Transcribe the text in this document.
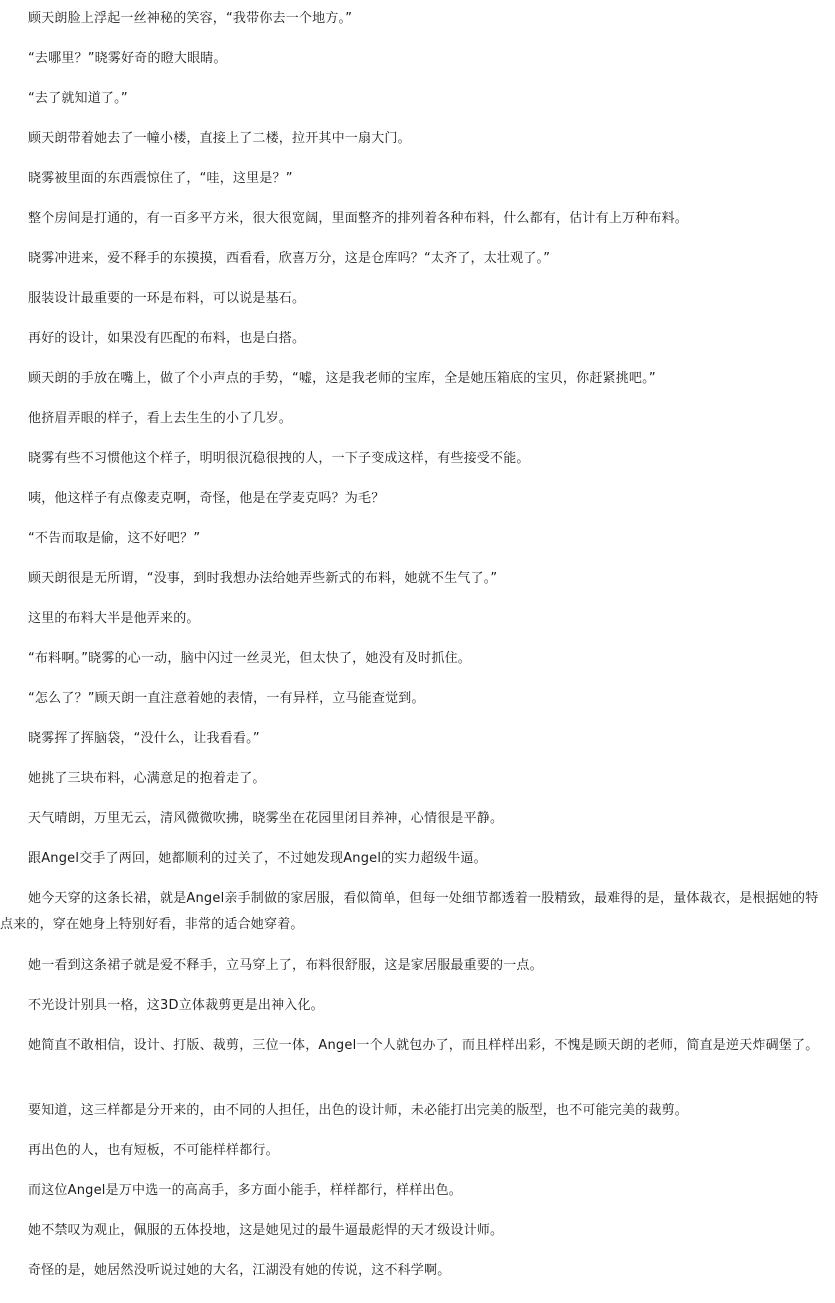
顾天朗脸上浮起一丝神秘的笑容，“我带你去一个地方。”

“去哪里？”晓雾好奇的瞪大眼睛。

“去了就知道了。”

顾天朗带着她去了一幢小楼，直接上了二楼，拉开其中一扇大门。

晓雾被里面的东西震惊住了，“哇，这里是？”

整个房间是打通的，有一百多平方米，很大很宽阔，里面整齐的排列着各种布料，什么都有，估计有上万种布料。

晓雾冲进来，爱不释手的东摸摸，西看看，欣喜万分，这是仓库吗？“太齐了，太壮观了。”

服装设计最重要的一环是布料，可以说是基石。

再好的设计，如果没有匹配的布料，也是白搭。

顾天朗的手放在嘴上，做了个小声点的手势，“嘘，这是我老师的宝库，全是她压箱底的宝贝，你赶紧挑吧。”

他挤眉弄眼的样子，看上去生生的小了几岁。

晓雾有些不习惯他这个样子，明明很沉稳很拽的人，一下子变成这样，有些接受不能。

咦，他这样子有点像麦克啊，奇怪，他是在学麦克吗？为毛？

“不告而取是偷，这不好吧？”

顾天朗很是无所谓，“没事，到时我想办法给她弄些新式的布料，她就不生气了。”

这里的布料大半是他弄来的。

“布料啊。”晓雾的心一动，脑中闪过一丝灵光，但太快了，她没有及时抓住。

“怎么了？”顾天朗一直注意着她的表情，一有异样，立马能查觉到。

晓雾挥了挥脑袋，“没什么，让我看看。”

她挑了三块布料，心满意足的抱着走了。

天气晴朗，万里无云，清风微微吹拂，晓雾坐在花园里闭目养神，心情很是平静。

跟Angel交手了两回，她都顺利的过关了，不过她发现Angel的实力超级牛逼。

她今天穿的这条长裙，就是Angel亲手制做的家居服，看似简单，但每一处细节都透着一股精致，最难得的是，量体裁衣，是根据她的特点来的，穿在她身上特别好看，非常的适合她穿着。

她一看到这条裙子就是爱不释手，立马穿上了，布料很舒服，这是家居服最重要的一点。

不光设计别具一格，这3D立体裁剪更是出神入化。

她简直不敢相信，设计、打版、裁剪，三位一体，Angel一个人就包办了，而且样样出彩，不愧是顾天朗的老师，简直是逆天炸碉堡了。

要知道，这三样都是分开来的，由不同的人担任，出色的设计师，未必能打出完美的版型，也不可能完美的裁剪。

再出色的人，也有短板，不可能样样都行。

而这位Angel是万中选一的高高手，多方面小能手，样样都行，样样出色。

她不禁叹为观止，佩服的五体投地，这是她见过的最牛逼最彪悍的天才级设计师。

奇怪的是，她居然没听说过她的大名，江湖没有她的传说，这不科学啊。
